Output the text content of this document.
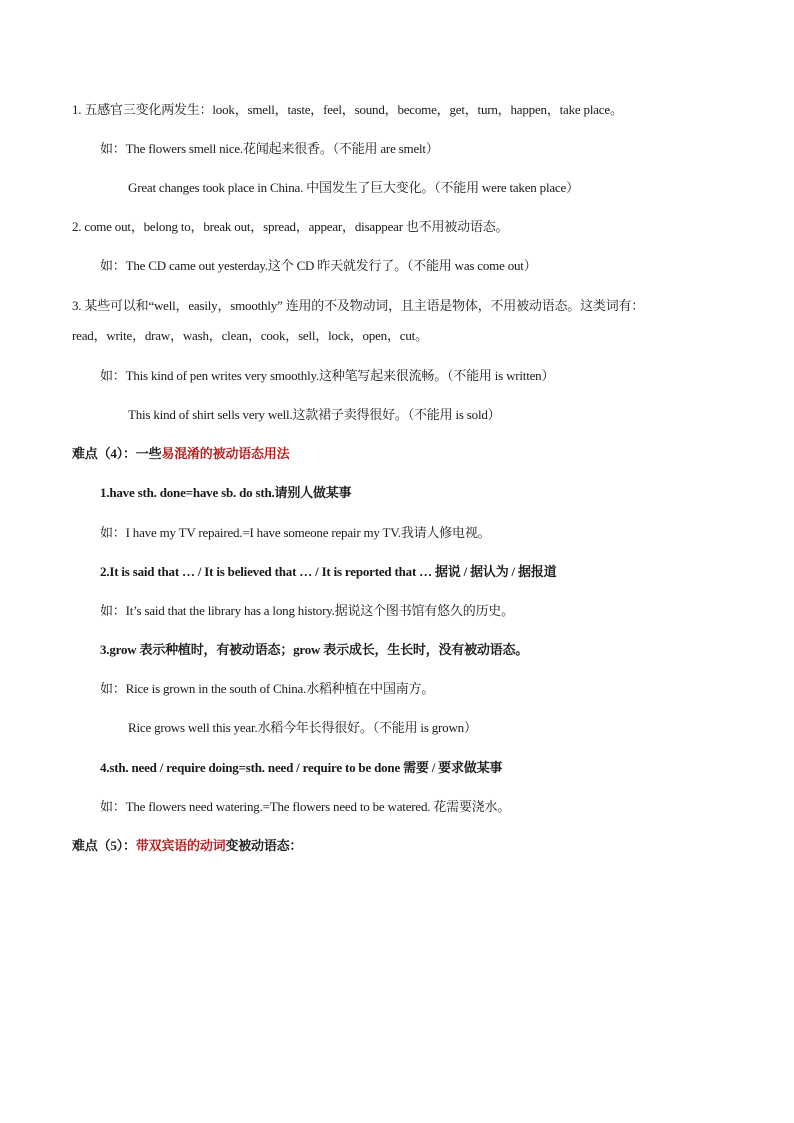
1. 五感官三变化两发生：look，smell，taste，feel，sound，become，get，turn，happen，take place。
如：The flowers smell nice.花闻起来很香。（不能用 are smelt）
Great changes took place in China. 中国发生了巨大变化。（不能用 were taken place）
2. come out，belong to，break out，spread，appear，disappear 也不用被动语态。
如：The CD came out yesterday.这个 CD 昨天就发行了。（不能用 was come out）
3. 某些可以和“well，easily，smoothly” 连用的不及物动词，且主语是物体，不用被动语态。这类词有：
read，write，draw，wash，clean，cook，sell，lock，open，cut。
如：This kind of pen writes very smoothly.这种笔写起来很流畅。（不能用 is written）
This kind of shirt sells very well.这款裙子卖得很好。（不能用 is sold）
难点（4）：一些易混淆的被动语态用法
1.have sth. done=have sb. do sth.请别人做某事
如：I have my TV repaired.=I have someone repair my TV.我请人修电视。
2.It is said that … / It is believed that … / It is reported that … 据说 / 据认为 / 据报道
如：It’s said that the library has a long history.据说这个图书馆有悠久的历史。
3.grow 表示种植时，有被动语态；grow 表示成长，生长时，没有被动语态。
如：Rice is grown in the south of China.水稻种植在中国南方。
Rice grows well this year.水稻今年长得很好。（不能用 is grown）
4.sth. need / require doing=sth. need / require to be done 需要 / 要求做某事
如：The flowers need watering.=The flowers need to be watered. 花需要浇水。
难点（5）：带双宾语的动词变被动语态：
